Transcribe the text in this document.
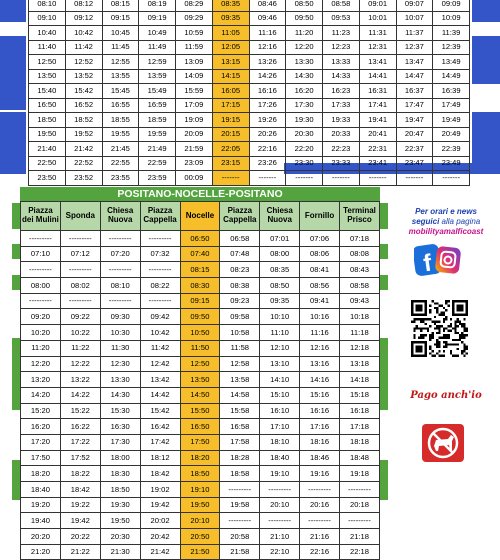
08:10	08:12	08:15	08:19	08:29	08:35	08:46	08:50	08:58	09:01	09:07	09:09
09:10	09:12	09:15	09:19	09:29	09:35	09:46	09:50	09:53	10:01	10:07	10:09
10:40	10:42	10:45	10:49	10:59	11:05	11:16	11:20	11:23	11:31	11:37	11:39
11:40	11:42	11:45	11:49	11:59	12:05	12:16	12:20	12:23	12:31	12:37	12:39
12:50	12:52	12:55	12:59	13:09	13:15	13:26	13:30	13:33	13:41	13:47	13:49
13:50	13:52	13:55	13:59	14:09	14:15	14:26	14:30	14:33	14:41	14:47	14:49
15:40	15:42	15:45	15:49	15:59	16:05	16:16	16:20	16:23	16:31	16:37	16:39
16:50	16:52	16:55	16:59	17:09	17:15	17:26	17:30	17:33	17:41	17:47	17:49
18:50	18:52	18:55	18:59	19:09	19:15	19:26	19:30	19:33	19:41	19:47	19:49
19:50	19:52	19:55	19:59	20:09	20:15	20:26	20:30	20:33	20:41	20:47	20:49
21:40	21:42	21:45	21:49	21:59	22:05	22:16	22:20	22:23	22:31	22:37	22:39
22:50	22:52	22:55	22:59	23:09	23:15	23:26	23:30	23:33	23:41	23:47	23:49
23:50	23:52	23:55	23:59	00:09	-------	-------	-------	-------	-------	-------	-------
POSITANO-NOCELLE-POSITANO
Piazza dei Mulini	Sponda	Chiesa Nuova	Piazza Cappella	Nocelle	Piazza Cappella	Chiesa Nuova	Fornillo	Terminal Prisco
---------	---------	---------	---------	06:50	06:58	07:01	07:06	07:18
07:10	07:12	07:20	07:32	07:40	07:48	08:00	08:06	08:08
---------	---------	---------	---------	08:15	08:23	08:35	08:41	08:43
08:00	08:02	08:10	08:22	08:30	08:38	08:50	08:56	08:58
---------	---------	---------	---------	09:15	09:23	09:35	09:41	09:43
09:20	09:22	09:30	09:42	09:50	09:58	10:10	10:16	10:18
10:20	10:22	10:30	10:42	10:50	10:58	11:10	11:16	11:18
11:20	11:22	11:30	11:42	11:50	11:58	12:10	12:16	12:18
12:20	12:22	12:30	12:42	12:50	12:58	13:10	13:16	13:18
13:20	13:22	13:30	13:42	13:50	13:58	14:10	14:16	14:18
14:20	14:22	14:30	14:42	14:50	14:58	15:10	15:16	15:18
15:20	15:22	15:30	15:42	15:50	15:58	16:10	16:16	16:18
16:20	16:22	16:30	16:42	16:50	16:58	17:10	17:16	17:18
17:20	17:22	17:30	17:42	17:50	17:58	18:10	18:16	18:18
17:50	17:52	18:00	18:12	18:20	18:28	18:40	18:46	18:48
18:20	18:22	18:30	18:42	18:50	18:58	19:10	19:16	19:18
18:40	18:42	18:50	19:02	19:10	---------	---------	---------	---------
19:20	19:22	19:30	19:42	19:50	19:58	20:10	20:16	20:18
19:40	19:42	19:50	20:02	20:10	---------	---------	---------	---------
20:20	20:22	20:30	20:42	20:50	20:58	21:10	21:16	21:18
21:20	21:22	21:30	21:42	21:50	21:58	22:10	22:16	22:18
Per orari e news
seguici alla pagina
mobilityamalficoast
f
Pago anch'io
